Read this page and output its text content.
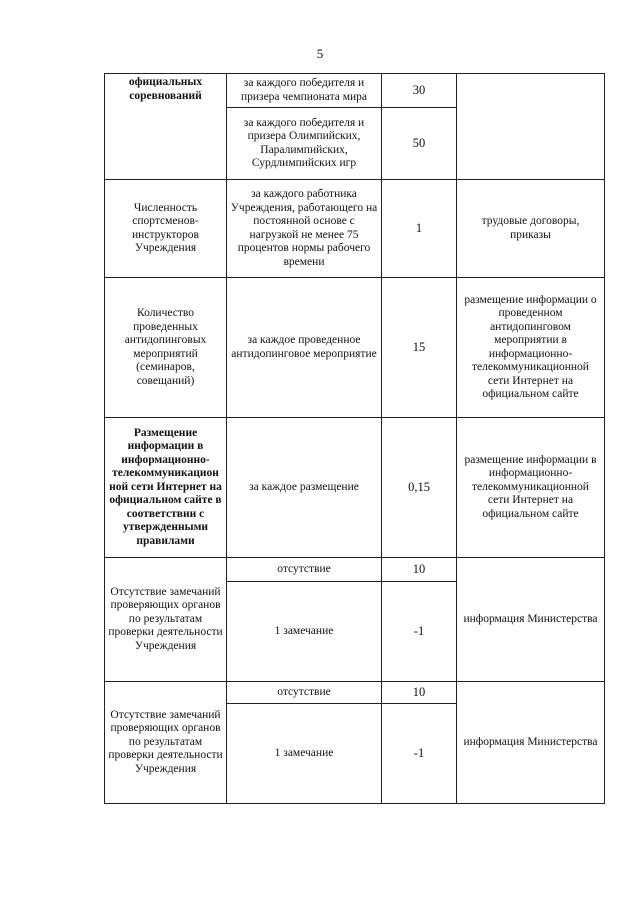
5
официальных соревнований	за каждого победителя и призера чемпионата мира	30	
	за каждого победителя и призера Олимпийских, Паралимпийских, Сурдлимпийских игр	50	
Численность спортсменов-инструкторов Учреждения	за каждого работника Учреждения, работающего на постоянной основе с нагрузкой не менее 75 процентов нормы рабочего времени	1	трудовые договоры, приказы
Количество проведенных антидопинговых мероприятий (семинаров, совещаний)	за каждое проведенное антидопинговое мероприятие	15	размещение информации о проведенном антидопинговом мероприятии в информационно-телекоммуникационной сети Интернет на официальном сайте
Размещение информации в информационно-телекоммуникацион ной сети Интернет на официальном сайте в соответствии с утвержденными правилами	за каждое размещение	0,15	размещение информации в информационно-телекоммуникационной сети Интернет на официальном сайте
Отсутствие замечаний проверяющих органов по результатам проверки деятельности Учреждения	отсутствие	10	информация Министерства
	1 замечание	-1	
Отсутствие замечаний проверяющих органов по результатам проверки деятельности Учреждения	отсутствие	10	информация Министерства
	1 замечание	-1	
